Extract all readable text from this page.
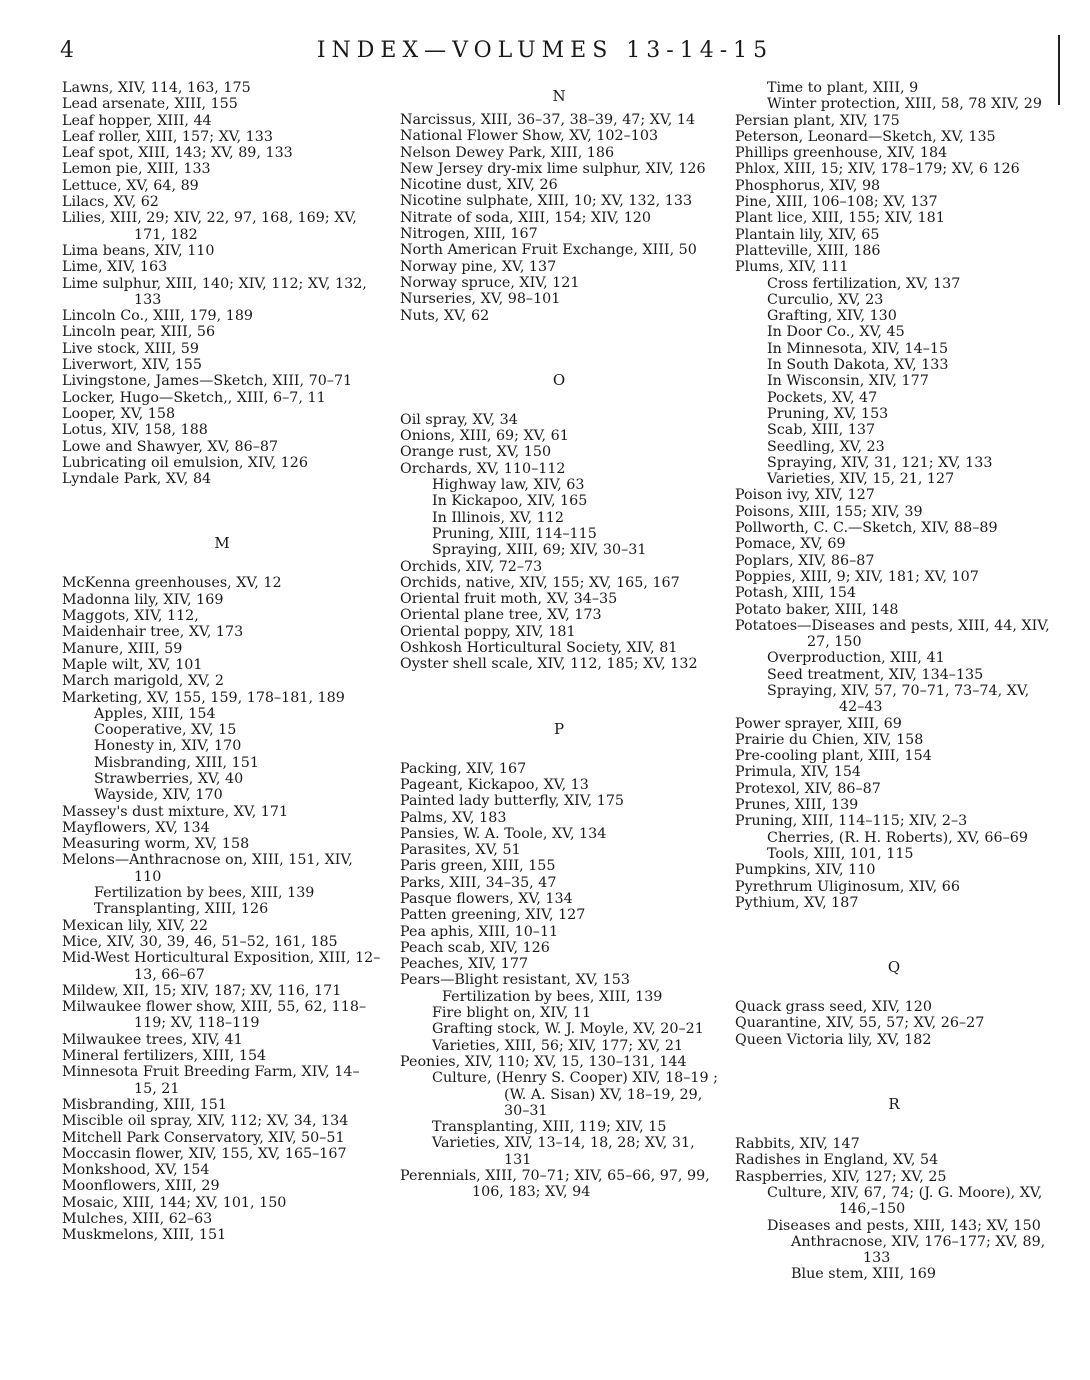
4	INDEX—VOLUMES 13-14-15
Lawns, XIV, 114, 163, 175
Lead arsenate, XIII, 155
Leaf hopper, XIII, 44
Leaf roller, XIII, 157; XV, 133
Leaf spot, XIII, 143; XV, 89, 133
Lemon pie, XIII, 133
Lettuce, XV, 64, 89
Lilacs, XV, 62
Lilies, XIII, 29; XIV, 22, 97, 168, 169; XV, 171, 182
Lima beans, XIV, 110
Lime, XIV, 163
Lime sulphur, XIII, 140; XIV, 112; XV, 132, 133
Lincoln Co., XIII, 179, 189
Lincoln pear, XIII, 56
Live stock, XIII, 59
Liverwort, XIV, 155
Livingstone, James—Sketch, XIII, 70–71
Locker, Hugo—Sketch,, XIII, 6–7, 11
Looper, XV, 158
Lotus, XIV, 158, 188
Lowe and Shawyer, XV, 86–87
Lubricating oil emulsion, XIV, 126
Lyndale Park, XV, 84
M
McKenna greenhouses, XV, 12
Madonna lily, XIV, 169
Maggots, XIV, 112,
Maidenhair tree, XV, 173
Manure, XIII, 59
Maple wilt, XV, 101
March marigold, XV, 2
Marketing, XV, 155, 159, 178–181, 189
Apples, XIII, 154
Cooperative, XV, 15
Honesty in, XIV, 170
Misbranding, XIII, 151
Strawberries, XV, 40
Wayside, XIV, 170
Massey's dust mixture, XV, 171
Mayflowers, XV, 134
Measuring worm, XV, 158
Melons—Anthracnose on, XIII, 151, XIV, 110
Fertilization by bees, XIII, 139
Transplanting, XIII, 126
Mexican lily, XIV, 22
Mice, XIV, 30, 39, 46, 51–52, 161, 185
Mid-West Horticultural Exposition, XIII, 12–13, 66–67
Mildew, XII, 15; XIV, 187; XV, 116, 171
Milwaukee flower show, XIII, 55, 62, 118–119; XV, 118–119
Milwaukee trees, XIV, 41
Mineral fertilizers, XIII, 154
Minnesota Fruit Breeding Farm, XIV, 14–15, 21
Misbranding, XIII, 151
Miscible oil spray, XIV, 112; XV, 34, 134
Mitchell Park Conservatory, XIV, 50–51
Moccasin flower, XIV, 155, XV, 165–167
Monkshood, XV, 154
Moonflowers, XIII, 29
Mosaic, XIII, 144; XV, 101, 150
Mulches, XIII, 62–63
Muskmelons, XIII, 151
N
Narcissus, XIII, 36–37, 38–39, 47; XV, 14
National Flower Show, XV, 102–103
Nelson Dewey Park, XIII, 186
New Jersey dry-mix lime sulphur, XIV, 126
Nicotine dust, XIV, 26
Nicotine sulphate, XIII, 10; XV, 132, 133
Nitrate of soda, XIII, 154; XIV, 120
Nitrogen, XIII, 167
North American Fruit Exchange, XIII, 50
Norway pine, XV, 137
Norway spruce, XIV, 121
Nurseries, XV, 98–101
Nuts, XV, 62
O
Oil spray, XV, 34
Onions, XIII, 69; XV, 61
Orange rust, XV, 150
Orchards, XV, 110–112
Highway law, XIV, 63
In Kickapoo, XIV, 165
In Illinois, XV, 112
Pruning, XIII, 114–115
Spraying, XIII, 69; XIV, 30–31
Orchids, XIV, 72–73
Orchids, native, XIV, 155; XV, 165, 167
Oriental fruit moth, XV, 34–35
Oriental plane tree, XV, 173
Oriental poppy, XIV, 181
Oshkosh Horticultural Society, XIV, 81
Oyster shell scale, XIV, 112, 185; XV, 132
P
Packing, XIV, 167
Pageant, Kickapoo, XV, 13
Painted lady butterfly, XIV, 175
Palms, XV, 183
Pansies, W. A. Toole, XV, 134
Parasites, XV, 51
Paris green, XIII, 155
Parks, XIII, 34–35, 47
Pasque flowers, XV, 134
Patten greening, XIV, 127
Pea aphis, XIII, 10–11
Peach scab, XIV, 126
Peaches, XIV, 177
Pears—Blight resistant, XV, 153
Fertilization by bees, XIII, 139
Fire blight on, XIV, 11
Grafting stock, W. J. Moyle, XV, 20–21
Varieties, XIII, 56; XIV, 177; XV, 21
Peonies, XIV, 110; XV, 15, 130–131, 144
Culture, (Henry S. Cooper) XIV, 18–19 ; (W. A. Sisan) XV, 18–19, 29, 30–31
Transplanting, XIII, 119; XIV, 15
Varieties, XIV, 13–14, 18, 28; XV, 31, 131
Perennials, XIII, 70–71; XIV, 65–66, 97, 99, 106, 183; XV, 94
Time to plant, XIII, 9
Winter protection, XIII, 58, 78 XIV, 29
Persian plant, XIV, 175
Peterson, Leonard—Sketch, XV, 135
Phillips greenhouse, XIV, 184
Phlox, XIII, 15; XIV, 178–179; XV, 6 126
Phosphorus, XIV, 98
Pine, XIII, 106–108; XV, 137
Plant lice, XIII, 155; XIV, 181
Plantain lily, XIV, 65
Platteville, XIII, 186
Plums, XIV, 111
Cross fertilization, XV, 137
Curculio, XV, 23
Grafting, XIV, 130
In Door Co., XV, 45
In Minnesota, XIV, 14–15
In South Dakota, XV, 133
In Wisconsin, XIV, 177
Pockets, XV, 47
Pruning, XV, 153
Scab, XIII, 137
Seedling, XV, 23
Spraying, XIV, 31, 121; XV, 133
Varieties, XIV, 15, 21, 127
Poison ivy, XIV, 127
Poisons, XIII, 155; XIV, 39
Pollworth, C. C.—Sketch, XIV, 88–89
Pomace, XV, 69
Poplars, XIV, 86–87
Poppies, XIII, 9; XIV, 181; XV, 107
Potash, XIII, 154
Potato baker, XIII, 148
Potatoes—Diseases and pests, XIII, 44, XIV, 27, 150
Overproduction, XIII, 41
Seed treatment, XIV, 134–135
Spraying, XIV, 57, 70–71, 73–74, XV, 42–43
Power sprayer, XIII, 69
Prairie du Chien, XIV, 158
Pre-cooling plant, XIII, 154
Primula, XIV, 154
Protexol, XIV, 86–87
Prunes, XIII, 139
Pruning, XIII, 114–115; XIV, 2–3
Cherries, (R. H. Roberts), XV, 66–69
Tools, XIII, 101, 115
Pumpkins, XIV, 110
Pyrethrum Uliginosum, XIV, 66
Pythium, XV, 187
Q
Quack grass seed, XIV, 120
Quarantine, XIV, 55, 57; XV, 26–27
Queen Victoria lily, XV, 182
R
Rabbits, XIV, 147
Radishes in England, XV, 54
Raspberries, XIV, 127; XV, 25
Culture, XIV, 67, 74; (J. G. Moore), XV, 146,–150
Diseases and pests, XIII, 143; XV, 150
Anthracnose, XIV, 176–177; XV, 89, 133
Blue stem, XIII, 169
